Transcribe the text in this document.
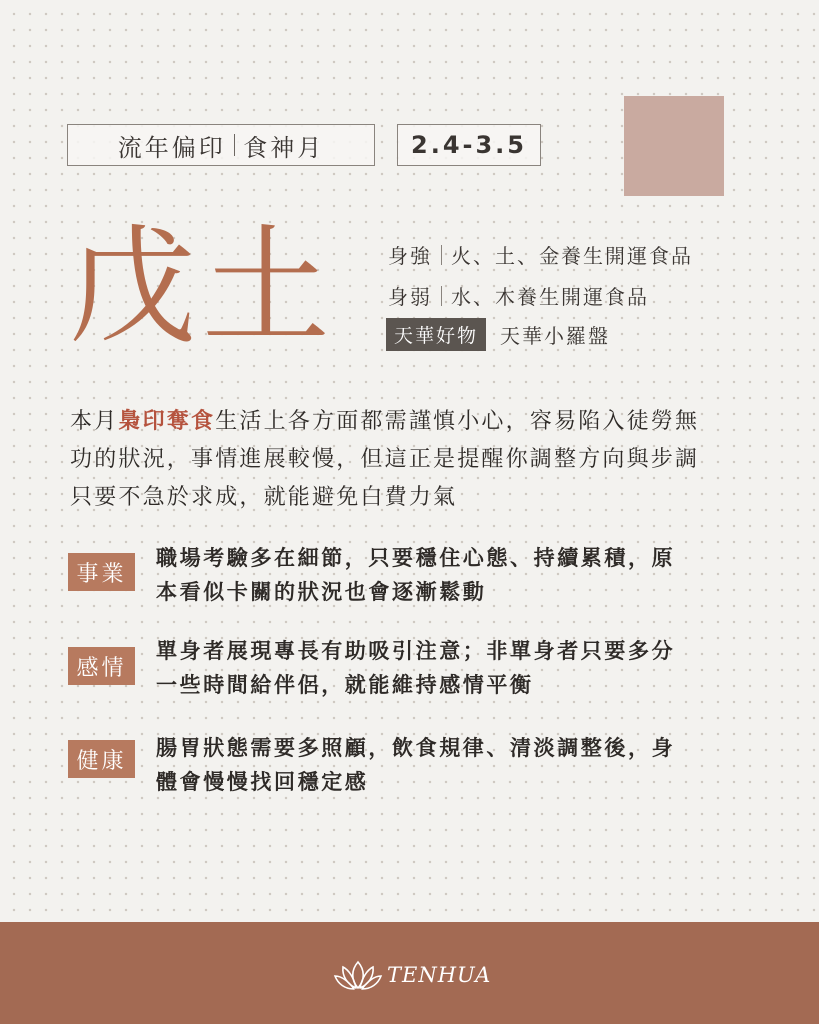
流年偏印 食神月	2.4-3.5
戊土	身強 火、土、金養生開運食品
身弱 水、木養生開運食品
天華好物	天華小羅盤
本月梟印奪食生活上各方面都需謹慎小心，容易陷入徒勞無
功的狀況，事情進展較慢，但這正是提醒你調整方向與步調
只要不急於求成，就能避免白費力氣
事業
職場考驗多在細節，只要穩住心態、持續累積，原
本看似卡關的狀況也會逐漸鬆動
感情
單身者展現專長有助吸引注意；非單身者只要多分
一些時間給伴侶，就能維持感情平衡
健康
腸胃狀態需要多照顧，飲食規律、清淡調整後，身
體會慢慢找回穩定感
TENHUA
